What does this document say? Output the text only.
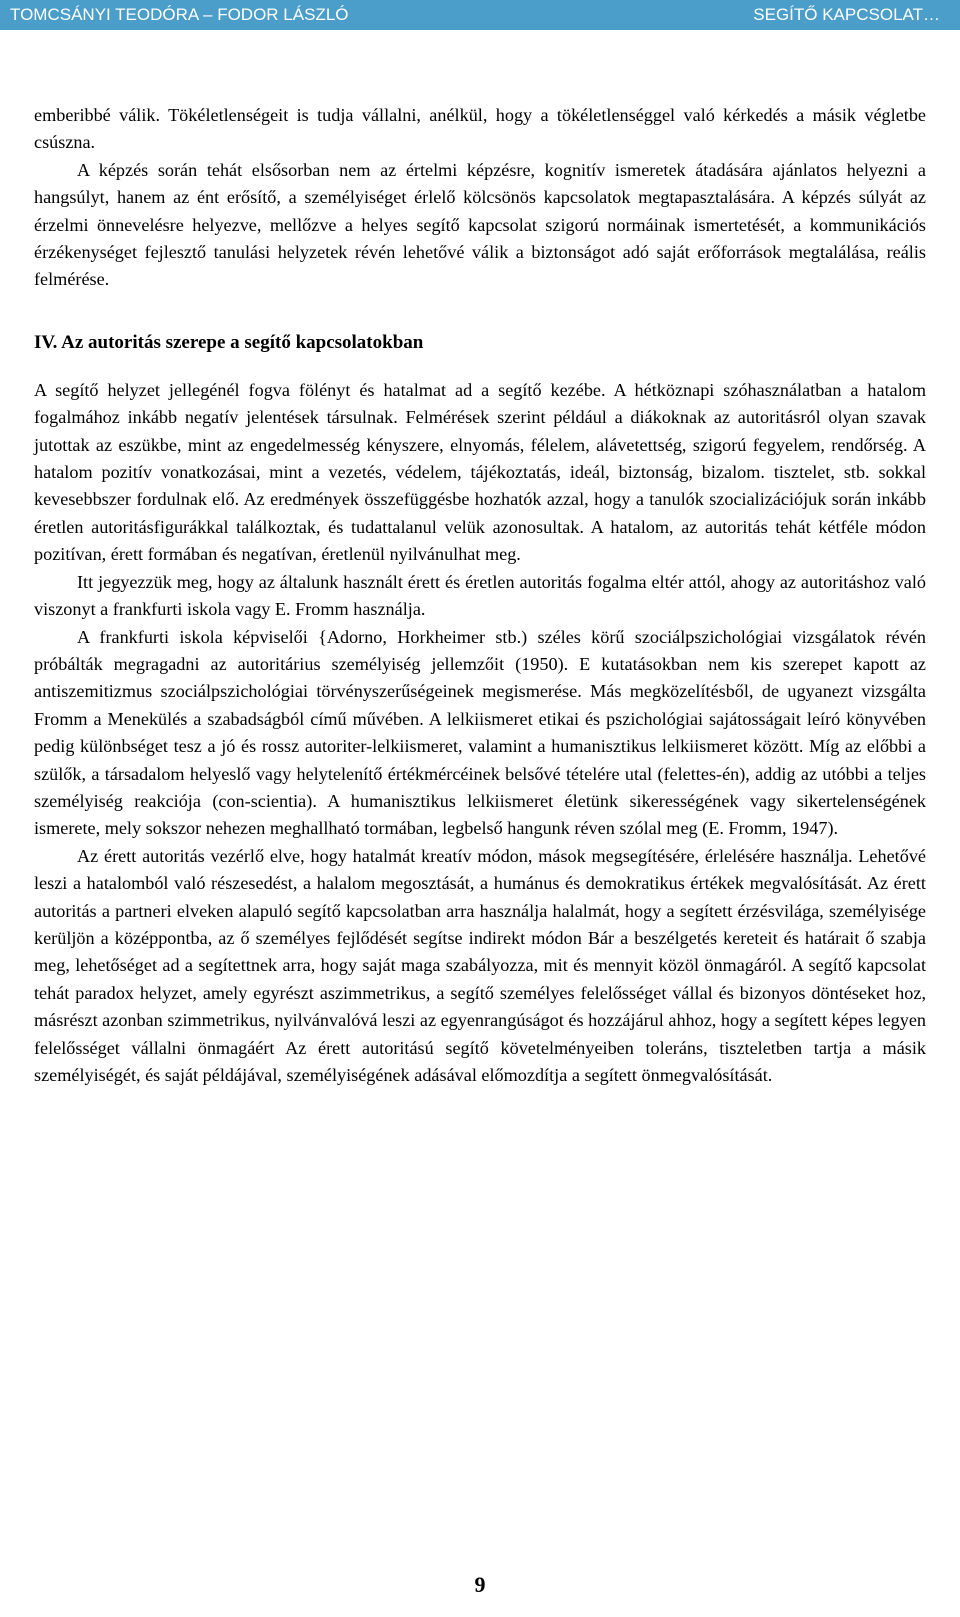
TOMCSÁNYI TEODÓRA – FODOR LÁSZLÓ	SEGÍTŐ KAPCSOLAT…

emberibbé válik. Tökéletlenségeit is tudja vállalni, anélkül, hogy a tökéletlenséggel való kérkedés a másik végletbe csúszna.

A képzés során tehát elsősorban nem az értelmi képzésre, kognitív ismeretek átadására ajánlatos helyezni a hangsúlyt, hanem az ént erősítő, a személyiséget érlelő kölcsönös kapcsolatok megtapasztalására. A képzés súlyát az érzelmi önnevelésre helyezve, mellőzve a helyes segítő kapcsolat szigorú normáinak ismertetését, a kommunikációs érzékenységet fejlesztő tanulási helyzetek révén lehetővé válik a biztonságot adó saját erőforrások megtalálása, reális felmérése.

IV. Az autoritás szerepe a segítő kapcsolatokban

A segítő helyzet jellegénél fogva fölényt és hatalmat ad a segítő kezébe. A hétköznapi szóhasználatban a hatalom fogalmához inkább negatív jelentések társulnak. Felmérések szerint például a diákoknak az autoritásról olyan szavak jutottak az eszükbe, mint az engedelmesség kényszere, elnyomás, félelem, alávetettség, szigorú fegyelem, rendőrség. A hatalom pozitív vonatkozásai, mint a vezetés, védelem, tájékoztatás, ideál, biztonság, bizalom. tisztelet, stb. sokkal kevesebbszer fordulnak elő. Az eredmények összefüggésbe hozhatók azzal, hogy a tanulók szocializációjuk során inkább éretlen autoritásfigurákkal találkoztak, és tudattalanul velük azonosultak. A hatalom, az autoritás tehát kétféle módon pozitívan, érett formában és negatívan, éretlenül nyilvánulhat meg.

Itt jegyezzük meg, hogy az általunk használt érett és éretlen autoritás fogalma eltér attól, ahogy az autoritáshoz való viszonyt a frankfurti iskola vagy E. Fromm használja.

A frankfurti iskola képviselői {Adorno, Horkheimer stb.) széles körű szociálpszichológiai vizsgálatok révén próbálták megragadni az autoritárius személyiség jellemzőit (1950). E kutatásokban nem kis szerepet kapott az antiszemitizmus szociálpszichológiai törvényszerűségeinek megismerése. Más megközelítésből, de ugyanezt vizsgálta Fromm a Menekülés a szabadságból című művében. A lelkiismeret etikai és pszichológiai sajátosságait leíró könyvében pedig különbséget tesz a jó és rossz autoriter-lelkiismeret, valamint a humanisztikus lelkiismeret között. Míg az előbbi a szülők, a társadalom helyeslő vagy helytelenítő értékmércéinek belsővé tételére utal (felettes-én), addig az utóbbi a teljes személyiség reakciója (con-scientia). A humanisztikus lelkiismeret életünk sikerességének vagy sikertelenségének ismerete, mely sokszor nehezen meghallható tormában, legbelső hangunk réven szólal meg (E. Fromm, 1947).

Az érett autoritás vezérlő elve, hogy hatalmát kreatív módon, mások megsegítésére, érlelésére használja. Lehetővé leszi a hatalomból való részesedést, a halalom megosztását, a humánus és demokratikus értékek megvalósítását. Az érett autoritás a partneri elveken alapuló segítő kapcsolatban arra használja halalmát, hogy a segített érzésvilága, személyisége kerüljön a középpontba, az ő személyes fejlődését segítse indirekt módon Bár a beszélgetés kereteit és határait ő szabja meg, lehetőséget ad a segítettnek arra, hogy saját maga szabályozza, mit és mennyit közöl önmagáról. A segítő kapcsolat tehát paradox helyzet, amely egyrészt aszimmetrikus, a segítő személyes felelősséget vállal és bizonyos döntéseket hoz, másrészt azonban szimmetrikus, nyilvánvalóvá leszi az egyenrangúságot és hozzájárul ahhoz, hogy a segített képes legyen felelősséget vállalni önmagáért Az érett autoritású segítő követelményeiben toleráns, tiszteletben tartja a másik személyiségét, és saját példájával, személyiségének adásával előmozdítja a segített önmegvalósítását.

9
